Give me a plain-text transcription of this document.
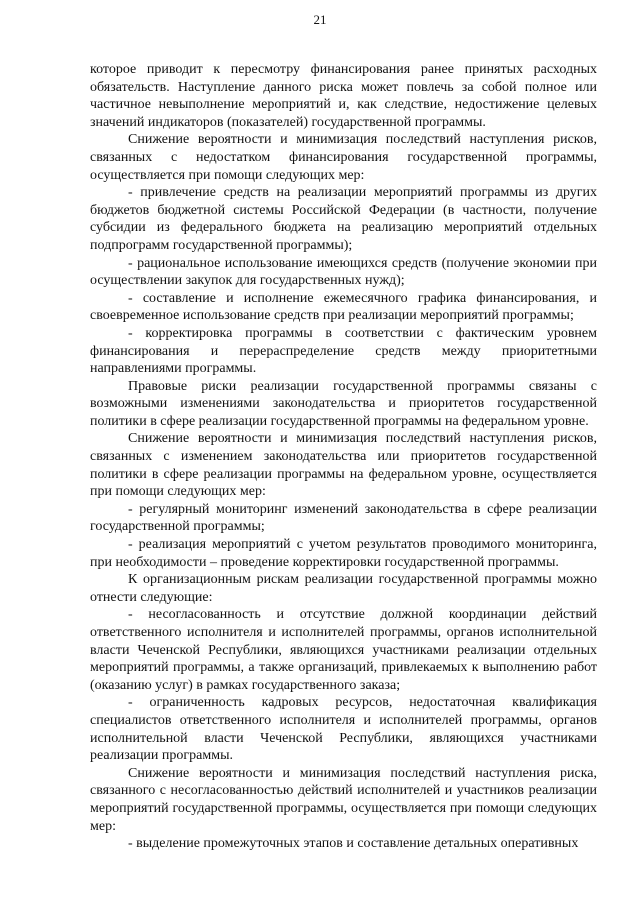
21

которое приводит к пересмотру финансирования ранее принятых расходных обязательств. Наступление данного риска может повлечь за собой полное или частичное невыполнение мероприятий и, как следствие, недостижение целевых значений индикаторов (показателей) государственной программы.

Снижение вероятности и минимизация последствий наступления рисков, связанных с недостатком финансирования государственной программы, осуществляется при помощи следующих мер:

- привлечение средств на реализации мероприятий программы из других бюджетов бюджетной системы Российской Федерации (в частности, получение субсидии из федерального бюджета на реализацию мероприятий отдельных подпрограмм государственной программы);

- рациональное использование имеющихся средств (получение экономии при осуществлении закупок для государственных нужд);

- составление и исполнение ежемесячного графика финансирования, и своевременное использование средств при реализации мероприятий программы;

- корректировка программы в соответствии с фактическим уровнем финансирования и перераспределение средств между приоритетными направлениями программы.

Правовые риски реализации государственной программы связаны с возможными изменениями законодательства и приоритетов государственной политики в сфере реализации государственной программы на федеральном уровне.

Снижение вероятности и минимизация последствий наступления рисков, связанных с изменением законодательства или приоритетов государственной политики в сфере реализации программы на федеральном уровне, осуществляется при помощи следующих мер:

- регулярный мониторинг изменений законодательства в сфере реализации государственной программы;

- реализация мероприятий с учетом результатов проводимого мониторинга, при необходимости – проведение корректировки государственной программы.

К организационным рискам реализации государственной программы можно отнести следующие:

- несогласованность и отсутствие должной координации действий ответственного исполнителя и исполнителей программы, органов исполнительной власти Чеченской Республики, являющихся участниками реализации отдельных мероприятий программы, а также организаций, привлекаемых к выполнению работ (оказанию услуг) в рамках государственного заказа;

- ограниченность кадровых ресурсов, недостаточная квалификация специалистов ответственного исполнителя и исполнителей программы, органов исполнительной власти Чеченской Республики, являющихся участниками реализации программы.

Снижение вероятности и минимизация последствий наступления риска, связанного с несогласованностью действий исполнителей и участников реализации мероприятий государственной программы, осуществляется при помощи следующих мер:

- выделение промежуточных этапов и составление детальных оперативных
